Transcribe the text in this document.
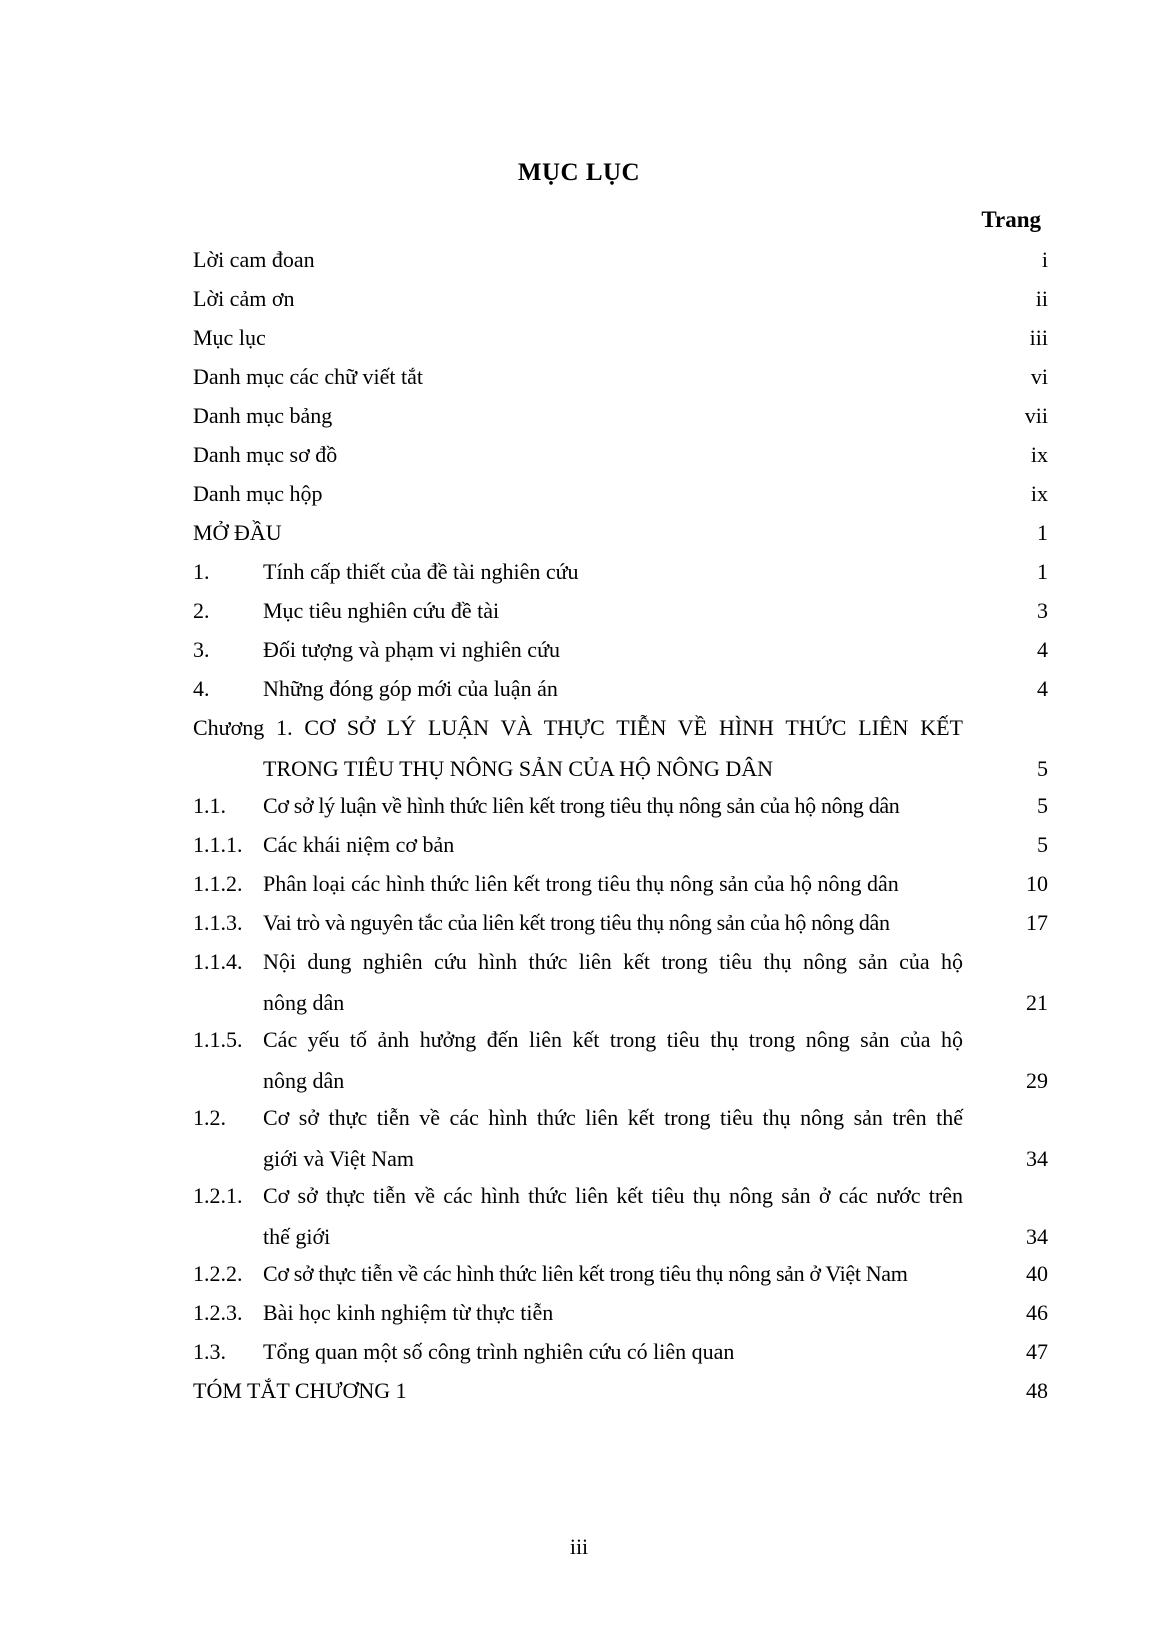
MỤC LỤC
Trang
Lời cam đoan	i
Lời cảm ơn	ii
Mục lục	iii
Danh mục các chữ viết tắt	vi
Danh mục bảng	vii
Danh mục sơ đồ	ix
Danh mục hộp	ix
MỞ ĐẦU	1
1. Tính cấp thiết của đề tài nghiên cứu	1
2. Mục tiêu nghiên cứu đề tài	3
3. Đối tượng và phạm vi nghiên cứu	4
4. Những đóng góp mới của luận án	4
Chương 1. CƠ SỞ LÝ LUẬN VÀ THỰC TIỄN VỀ HÌNH THỨC LIÊN KẾT
TRONG TIÊU THỤ NÔNG SẢN CỦA HỘ NÔNG DÂN	5
1.1. Cơ sở lý luận về hình thức liên kết trong tiêu thụ nông sản của hộ nông dân	5
1.1.1. Các khái niệm cơ bản	5
1.1.2. Phân loại các hình thức liên kết trong tiêu thụ nông sản của hộ nông dân	10
1.1.3. Vai trò và nguyên tắc của liên kết trong tiêu thụ nông sản của hộ nông dân	17
1.1.4. Nội dung nghiên cứu hình thức liên kết trong tiêu thụ nông sản của hộ
nông dân	21
1.1.5. Các yếu tố ảnh hưởng đến liên kết trong tiêu thụ trong nông sản của hộ
nông dân	29
1.2. Cơ sở thực tiễn về các hình thức liên kết trong tiêu thụ nông sản trên thế
giới và Việt Nam	34
1.2.1. Cơ sở thực tiễn về các hình thức liên kết tiêu thụ nông sản ở các nước trên
thế giới	34
1.2.2. Cơ sở thực tiễn về các hình thức liên kết trong tiêu thụ nông sản ở Việt Nam	40
1.2.3. Bài học kinh nghiệm từ thực tiễn	46
1.3. Tổng quan một số công trình nghiên cứu có liên quan	47
TÓM TẮT CHƯƠNG 1	48
iii
